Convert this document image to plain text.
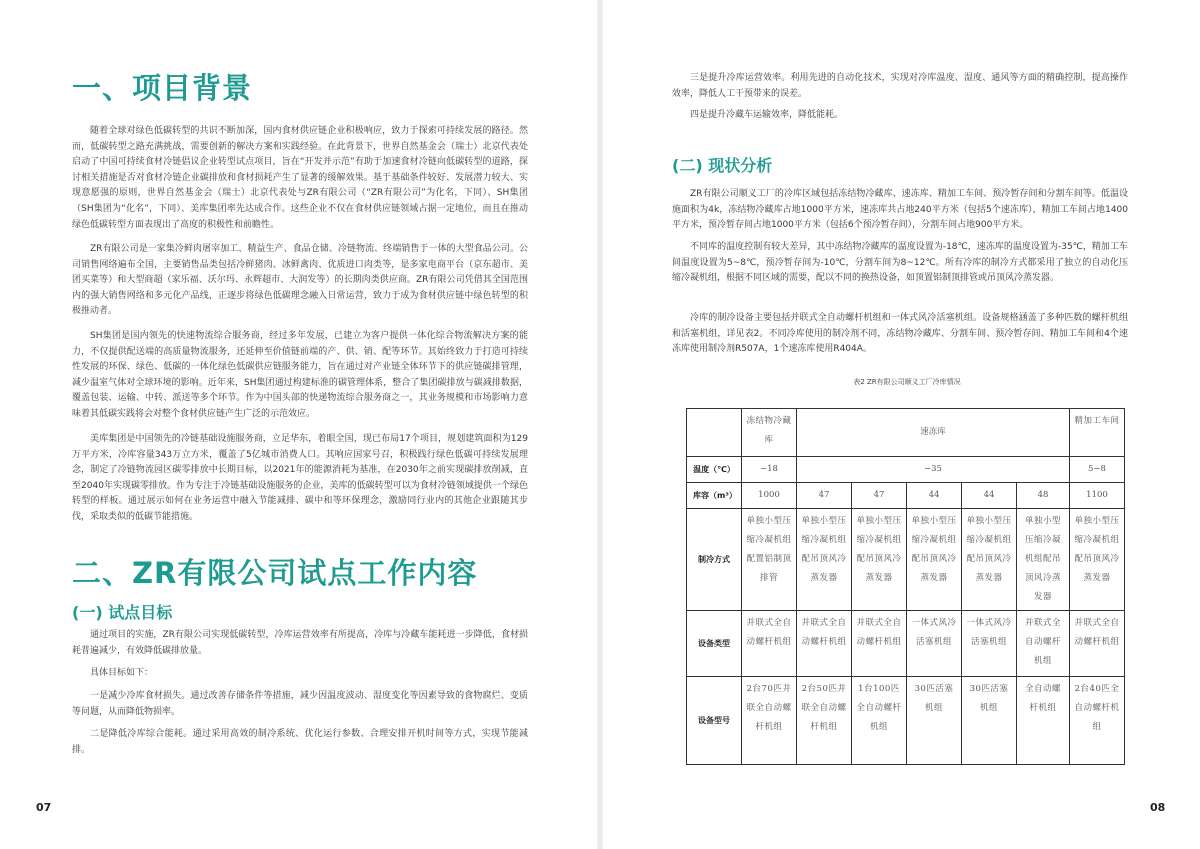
一、项目背景

随着全球对绿色低碳转型的共识不断加深，国内食材供应链企业积极响应，致力于探索可持续发展的路径。然而，低碳转型之路充满挑战，需要创新的解决方案和实践经验。在此背景下，世界自然基金会（瑞士）北京代表处启动了中国可持续食材冷链倡议企业转型试点项目，旨在“开发并示范”有助于加速食材冷链向低碳转型的道路，探讨相关措施是否对食材冷链企业碳排放和食材损耗产生了显著的缓解效果。基于基础条件较好、发展潜力较大、实现意愿强的原则，世界自然基金会（瑞士）北京代表处与ZR有限公司（“ZR有限公司”为化名，下同）、SH集团（SH集团为“化名”，下同）、美库集团率先达成合作。这些企业不仅在食材供应链领域占据一定地位，而且在推动绿色低碳转型方面表现出了高度的积极性和前瞻性。

ZR有限公司是一家集冷鲜肉屠宰加工、精益生产、食品仓储、冷链物流、终端销售于一体的大型食品公司。公司销售网络遍布全国，主要销售品类包括冷鲜猪肉、冰鲜禽肉、优质进口肉类等，是多家电商平台（京东超市、美团买菜等）和大型商超（家乐福、沃尔玛、永辉超市、大润发等）的长期肉类供应商。ZR有限公司凭借其全国范围内的强大销售网络和多元化产品线，正逐步将绿色低碳理念融入日常运营，致力于成为食材供应链中绿色转型的积极推动者。

SH集团是国内领先的快速物流综合服务商，经过多年发展，已建立为客户提供一体化综合物流解决方案的能力，不仅提供配送端的高质量物流服务，还延伸至价值链前端的产、供、销、配等环节。其始终致力于打造可持续性发展的环保、绿色、低碳的一体化绿色低碳供应链服务能力，旨在通过对产业链全体环节下的供应链碳排管理，减少温室气体对全球环境的影响。近年来，SH集团通过构建标准的碳管理体系，整合了集团碳排放与碳减排数据，覆盖包装、运输、中转、派送等多个环节。作为中国头部的快递物流综合服务商之一，其业务规模和市场影响力意味着其低碳实践将会对整个食材供应链产生广泛的示范效应。

美库集团是中国领先的冷链基础设施服务商，立足华东，着眼全国，现已布局17个项目，规划建筑面积为129万平方米，冷库容量343万立方米，覆盖了5亿城市消费人口。其响应国家号召，积极践行绿色低碳可持续发展理念，制定了冷链物流园区碳零排放中长期目标，以2021年的能源消耗为基准，在2030年之前实现碳排放削减，直至2040年实现碳零排放。作为专注于冷链基础设施服务的企业，美库的低碳转型可以为食材冷链领域提供一个绿色转型的样板。通过展示如何在业务运营中融入节能减排、碳中和等环保理念，激励同行业内的其他企业跟随其步伐，采取类似的低碳节能措施。

二、ZR有限公司试点工作内容
(一) 试点目标

通过项目的实施，ZR有限公司实现低碳转型，冷库运营效率有所提高，冷库与冷藏车能耗进一步降低，食材损耗普遍减少，有效降低碳排放量。

具体目标如下：

一是减少冷库食材损失。通过改善存储条件等措施，减少因温度波动、湿度变化等因素导致的食物腐烂、变质等问题，从而降低物损率。

二是降低冷库综合能耗。通过采用高效的制冷系统、优化运行参数、合理安排开机时间等方式，实现节能减排。

07

三是提升冷库运营效率。利用先进的自动化技术，实现对冷库温度、湿度、通风等方面的精确控制，提高操作效率，降低人工干预带来的误差。

四是提升冷藏车运输效率，降低能耗。

(二) 现状分析

ZR有限公司顺义工厂的冷库区域包括冻结物冷藏库、速冻库、精加工车间、预冷暂存间和分割车间等。低温设施面积为4k，冻结物冷藏库占地1000平方米，速冻库共占地240平方米（包括5个速冻库），精加工车间占地1400平方米，预冷暂存间占地1000平方米（包括6个预冷暂存间），分割车间占地900平方米。

不同库的温度控制有较大差异，其中冻结物冷藏库的温度设置为-18℃，速冻库的温度设置为-35℃，精加工车间温度设置为5~8℃，预冷暂存间为-10℃，分割车间为8~12℃。所有冷库的制冷方式都采用了独立的自动化压缩冷凝机组，根据不同区域的需要，配以不同的换热设备，如顶置铝制顶排管或吊顶风冷蒸发器。

冷库的制冷设备主要包括并联式全自动螺杆机组和一体式风冷活塞机组。设备规格涵盖了多种匹数的螺杆机组和活塞机组，详见表2。不同冷库使用的制冷剂不同，冻结物冷藏库、分割车间、预冷暂存间、精加工车间和4个速冻库使用制冷剂R507A，1个速冻库使用R404A。

表2 ZR有限公司顺义工厂冷库情况
	冻结物冷藏库	速冻库					精加工车间
温度（℃）	−18	−35					5−8
库容（m³）	1000	47	47	44	44	48	1100
制冷方式	单独小型压缩冷凝机组配置铝制顶排管	单独小型压缩冷凝机组配吊顶风冷蒸发器	单独小型压缩冷凝机组配吊顶风冷蒸发器	单独小型压缩冷凝机组配吊顶风冷蒸发器	单独小型压缩冷凝机组配吊顶风冷蒸发器	单独小型压缩冷凝机组配吊顶风冷蒸发器	单独小型压缩冷凝机组配吊顶风冷蒸发器
设备类型	并联式全自动螺杆机组	并联式全自动螺杆机组	并联式全自动螺杆机组	一体式风冷活塞机组	一体式风冷活塞机组	并联式全自动螺杆机组	并联式全自动螺杆机组
设备型号	2台70匹并联全自动螺杆机组	2台50匹并联全自动螺杆机组	1台100匹全自动螺杆机组	30匹活塞机组	30匹活塞机组	全自动螺杆机组	2台40匹全自动螺杆机组
08
